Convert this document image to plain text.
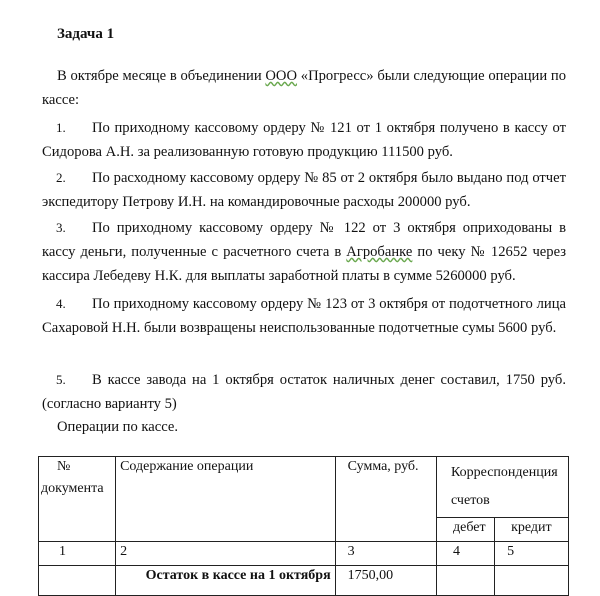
Задача 1
В октябре месяце в объединении ООО «Прогресс» были следующие операции по кассе:
1. По приходному кассовому ордеру № 121 от 1 октября получено в кассу от Сидорова А.Н. за реализованную готовую продукцию 111500 руб.
2. По расходному кассовому ордеру № 85 от 2 октября было выдано под отчет экспедитору Петрову И.Н. на командировочные расходы 200000 руб.
3. По приходному кассовому ордеру № 122 от 3 октября оприходованы в кассу деньги, полученные с расчетного счета в Агробанке по чеку № 12652 через кассира Лебедеву Н.К. для выплаты заработной платы в сумме 5260000 руб.
4. По приходному кассовому ордеру № 123 от 3 октября от подотчетного лица Сахаровой Н.Н. были возвращены неиспользованные подотчетные сумы 5600 руб.
5. В кассе завода на 1 октября остаток наличных денег составил, 1750 руб. (согласно варианту 5)
Операции по кассе.
№
документа	Содержание операции	Сумма, руб.	Корреспонденция счетов	

			дебет	кредит

1	2	3	4	5

	Остаток в кассе на 1 октября	1750,00		
